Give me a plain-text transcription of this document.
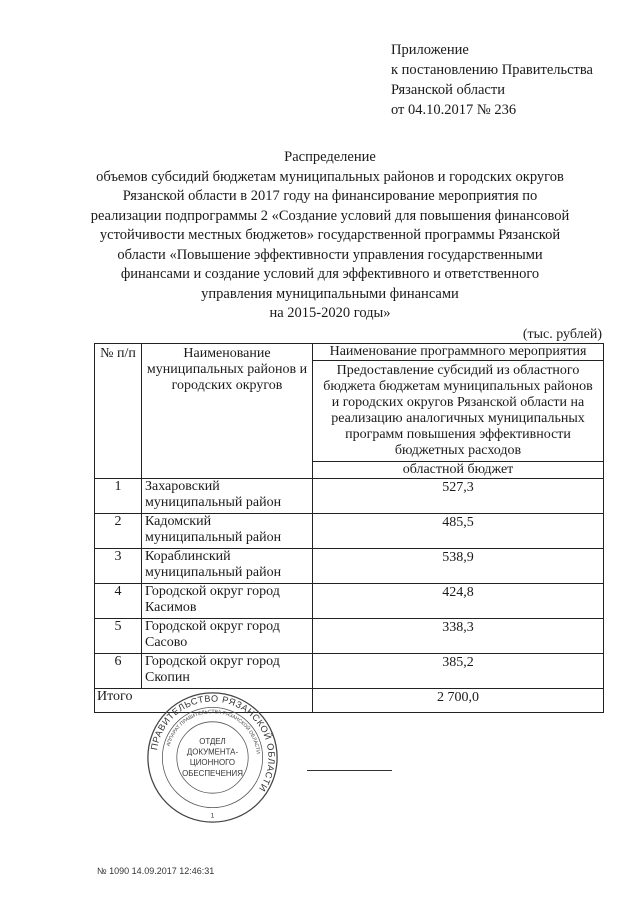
Приложение
к постановлению Правительства
Рязанской области
от 04.10.2017 № 236
Распределение
объемов субсидий бюджетам муниципальных районов и городских округов
Рязанской области в 2017 году на финансирование мероприятия по
реализации подпрограммы 2 «Создание условий для повышения финансовой
устойчивости местных бюджетов» государственной программы Рязанской
области «Повышение эффективности управления государственными
финансами и создание условий для эффективного и ответственного
управления муниципальными финансами
на 2015-2020 годы»
(тыс. рублей)
№ п/п	Наименование муниципальных районов и городских округов	Наименование программного мероприятия
		Предоставление субсидий из областного бюджета бюджетам муниципальных районов и городских округов Рязанской области на реализацию аналогичных муниципальных программ повышения эффективности бюджетных расходов
		областной бюджет
1	Захаровский муниципальный район	527,3
2	Кадомский муниципальный район	485,5
3	Кораблинский муниципальный район	538,9
4	Городской округ город Касимов	424,8
5	Городской округ город Сасово	338,3
6	Городской округ город Скопин	385,2
Итого		2 700,0
ПРАВИТЕЛЬСТВО РЯЗАНСКОЙ ОБЛАСТИ
АППАРАТ ПРАВИТЕЛЬСТВА РЯЗАНСКОЙ ОБЛАСТИ
ОТДЕЛ
ДОКУМЕНТА-
ЦИОННОГО
ОБЕСПЕЧЕНИЯ
1
№ 1090 14.09.2017 12:46:31
